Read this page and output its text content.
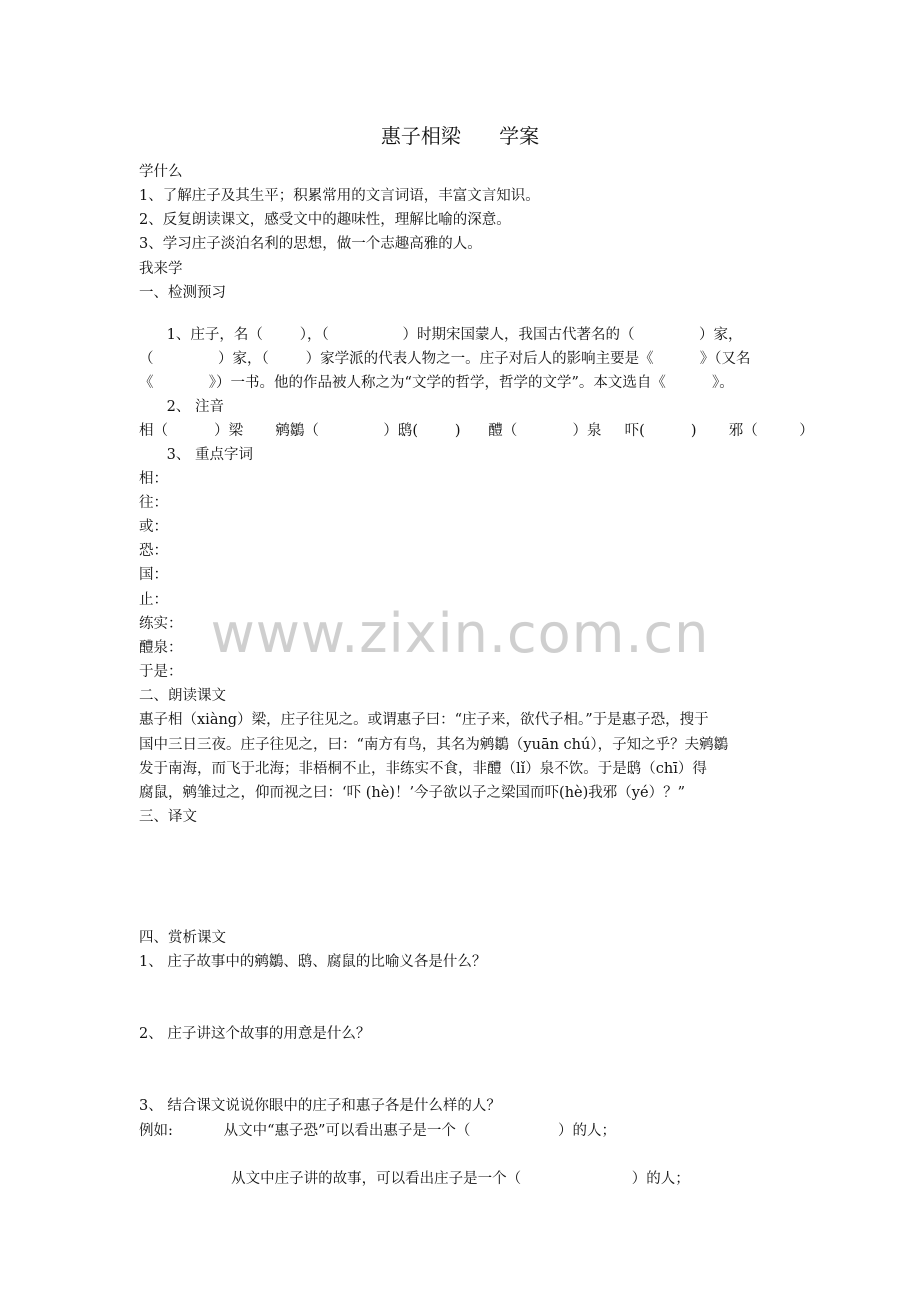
惠子相梁      学案
学什么
1、了解庄子及其生平；积累常用的文言词语，丰富文言知识。
2、反复朗读课文，感受文中的趣味性，理解比喻的深意。
3、学习庄子淡泊名利的思想，做一个志趣高雅的人。
我来学
一、检测预习
1、庄子，名（        ），（                ）时期宋国蒙人，我国古代著名的（              ）家，
（              ）家，（        ）家学派的代表人物之一。庄子对后人的影响主要是《          》（又名
《            》）一书。他的作品被人称之为“文学的哲学，哲学的文学”。本文选自《          》。
2、 注音
相（          ）梁       鹓鶵（              ）鸱(        )      醴（            ）泉     吓(          )       邪（         ）
3、 重点字词
相：
往：
或：
恐：
国：
止：
练实：
醴泉：
于是：
二、朗读课文
惠子相（xiàng）梁，庄子往见之。或谓惠子曰：“庄子来，欲代子相。”于是惠子恐，搜于
国中三日三夜。庄子往见之，曰：“南方有鸟，其名为鹓鶵（yuān chú），子知之乎？夫鹓鶵
发于南海，而飞于北海；非梧桐不止，非练实不食，非醴（lǐ）泉不饮。于是鸱（chī）得
腐鼠，鹓雏过之，仰而视之曰：‘吓 (hè)！’今子欲以子之梁国而吓(hè)我邪（yé）？”
三、译文
四、赏析课文
1、 庄子故事中的鹓鶵、鸱、腐鼠的比喻义各是什么？
2、 庄子讲这个故事的用意是什么？
3、 结合课文说说你眼中的庄子和惠子各是什么样的人？
例如:           从文中“惠子恐”可以看出惠子是一个（                   ）的人；
从文中庄子讲的故事，可以看出庄子是一个（                        ）的人；
www.zixin.com.cn
